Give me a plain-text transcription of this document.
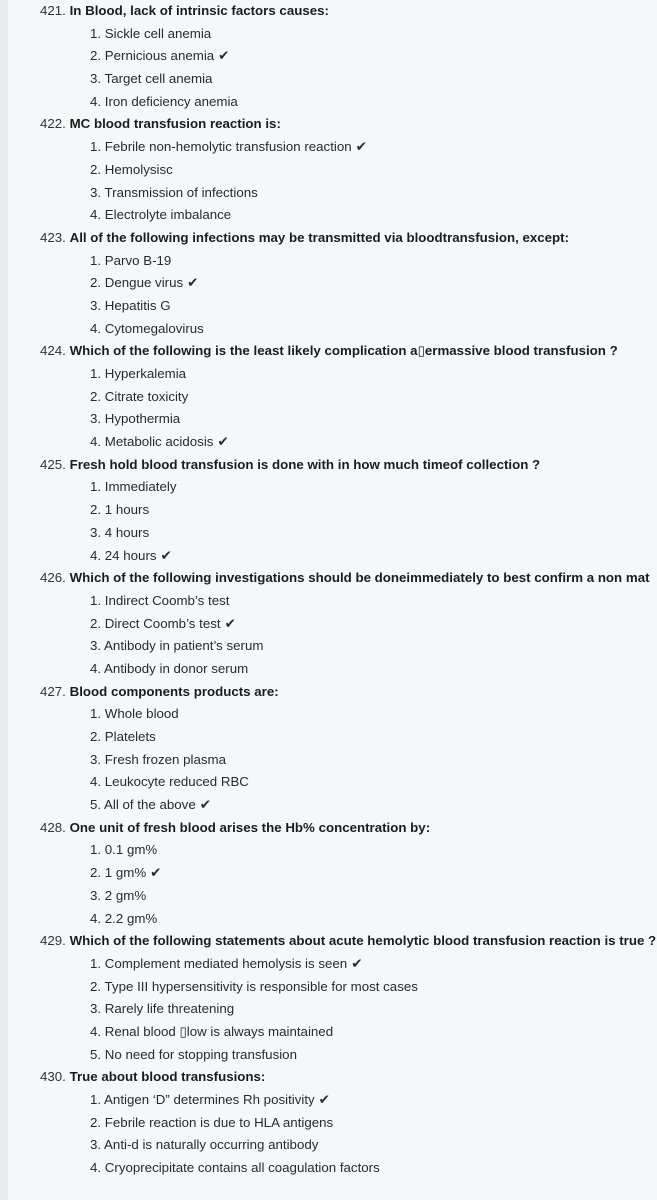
421. In Blood, lack of intrinsic factors causes:
1. Sickle cell anemia
2. Pernicious anemia ✔
3. Target cell anemia
4. Iron deficiency anemia
422. MC blood transfusion reaction is:
1. Febrile non-hemolytic transfusion reaction ✔
2. Hemolysisc
3. Transmission of infections
4. Electrolyte imbalance
423. All of the following infections may be transmitted via bloodtransfusion, except:
1. Parvo B-19
2. Dengue virus ✔
3. Hepatitis G
4. Cytomegalovirus
424. Which of the following is the least likely complication a▯ermassive blood transfusion ?
1. Hyperkalemia
2. Citrate toxicity
3. Hypothermia
4. Metabolic acidosis ✔
425. Fresh hold blood transfusion is done with in how much timeof collection ?
1. Immediately
2. 1 hours
3. 4 hours
4. 24 hours ✔
426. Which of the following investigations should be doneimmediately to best confirm a non mat
1. Indirect Coomb’s test
2. Direct Coomb’s test ✔
3. Antibody in patient’s serum
4. Antibody in donor serum
427. Blood components products are:
1. Whole blood
2. Platelets
3. Fresh frozen plasma
4. Leukocyte reduced RBC
5. All of the above ✔
428. One unit of fresh blood arises the Hb% concentration by:
1. 0.1 gm%
2. 1 gm% ✔
3. 2 gm%
4. 2.2 gm%
429. Which of the following statements about acute hemolytic blood transfusion reaction is true ?
1. Complement mediated hemolysis is seen ✔
2. Type III hypersensitivity is responsible for most cases
3. Rarely life threatening
4. Renal blood ▯low is always maintained
5. No need for stopping transfusion
430. True about blood transfusions:
1. Antigen ‘D” determines Rh positivity ✔
2. Febrile reaction is due to HLA antigens
3. Anti-d is naturally occurring antibody
4. Cryoprecipitate contains all coagulation factors
